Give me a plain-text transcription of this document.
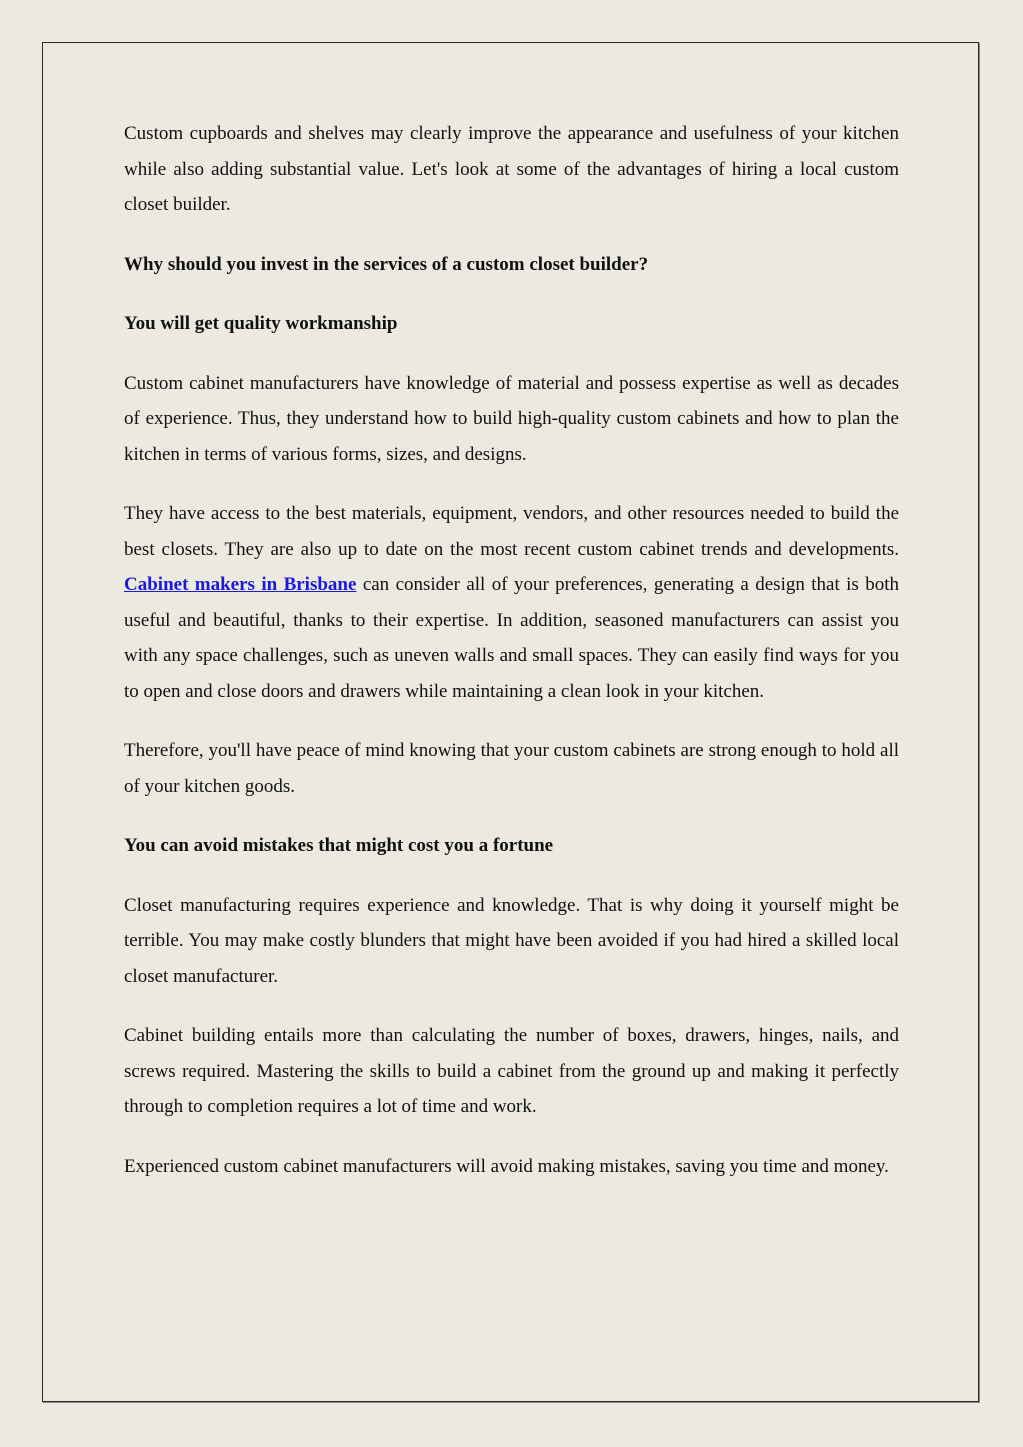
Custom cupboards and shelves may clearly improve the appearance and usefulness of your kitchen while also adding substantial value. Let's look at some of the advantages of hiring a local custom closet builder.

Why should you invest in the services of a custom closet builder?

You will get quality workmanship

Custom cabinet manufacturers have knowledge of material and possess expertise as well as decades of experience. Thus, they understand how to build high-quality custom cabinets and how to plan the kitchen in terms of various forms, sizes, and designs.

They have access to the best materials, equipment, vendors, and other resources needed to build the best closets. They are also up to date on the most recent custom cabinet trends and developments. Cabinet makers in Brisbane can consider all of your preferences, generating a design that is both useful and beautiful, thanks to their expertise. In addition, seasoned manufacturers can assist you with any space challenges, such as uneven walls and small spaces. They can easily find ways for you to open and close doors and drawers while maintaining a clean look in your kitchen.

Therefore, you'll have peace of mind knowing that your custom cabinets are strong enough to hold all of your kitchen goods.

You can avoid mistakes that might cost you a fortune

Closet manufacturing requires experience and knowledge. That is why doing it yourself might be terrible. You may make costly blunders that might have been avoided if you had hired a skilled local closet manufacturer.

Cabinet building entails more than calculating the number of boxes, drawers, hinges, nails, and screws required. Mastering the skills to build a cabinet from the ground up and making it perfectly through to completion requires a lot of time and work.

Experienced custom cabinet manufacturers will avoid making mistakes, saving you time and money.
